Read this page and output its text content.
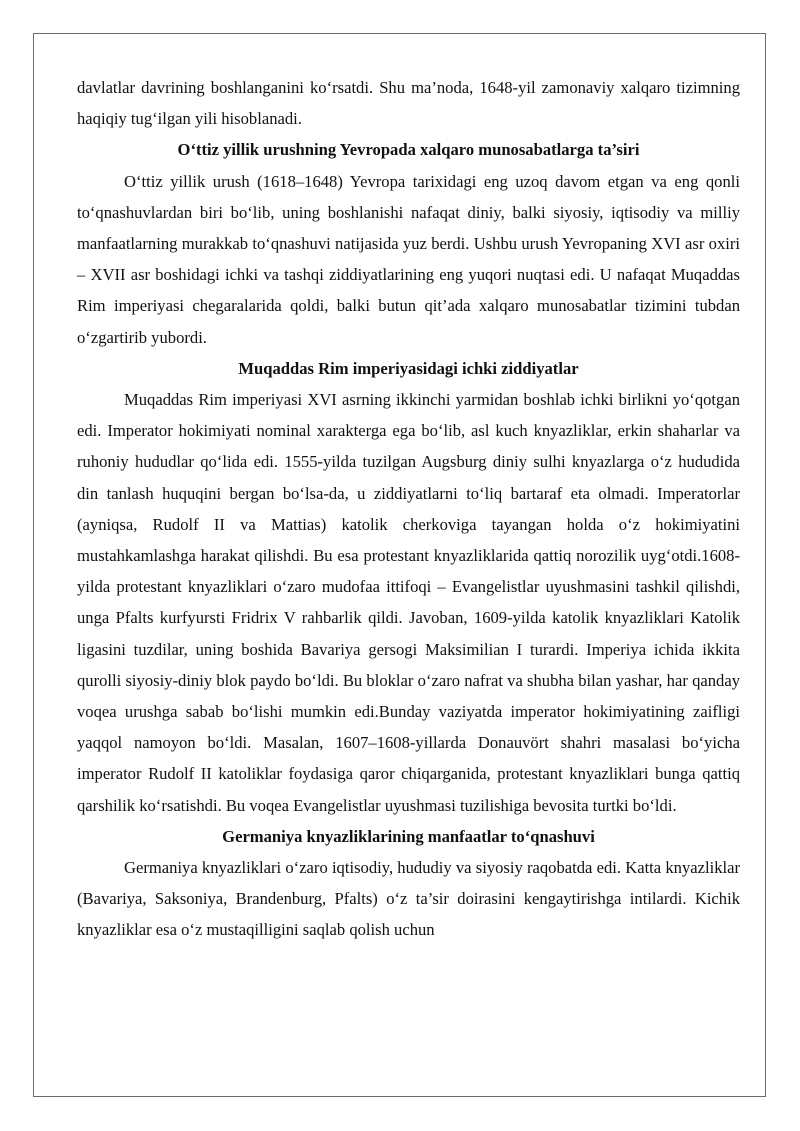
davlatlar davrining boshlanganini ko‘rsatdi. Shu ma’noda, 1648-yil zamonaviy xalqaro tizimning haqiqiy tug‘ilgan yili hisoblanadi.

O‘ttiz yillik urushning Yevropada xalqaro munosabatlarga ta’siri

O‘ttiz yillik urush (1618–1648) Yevropa tarixidagi eng uzoq davom etgan va eng qonli to‘qnashuvlardan biri bo‘lib, uning boshlanishi nafaqat diniy, balki siyosiy, iqtisodiy va milliy manfaatlarning murakkab to‘qnashuvi natijasida yuz berdi. Ushbu urush Yevropaning XVI asr oxiri – XVII asr boshidagi ichki va tashqi ziddiyatlarining eng yuqori nuqtasi edi. U nafaqat Muqaddas Rim imperiyasi chegaralarida qoldi, balki butun qit’ada xalqaro munosabatlar tizimini tubdan o‘zgartirib yubordi.

Muqaddas Rim imperiyasidagi ichki ziddiyatlar

Muqaddas Rim imperiyasi XVI asrning ikkinchi yarmidan boshlab ichki birlikni yo‘qotgan edi. Imperator hokimiyati nominal xarakterga ega bo‘lib, asl kuch knyazliklar, erkin shaharlar va ruhoniy hududlar qo‘lida edi. 1555-yilda tuzilgan Augsburg diniy sulhi knyazlarga o‘z hududida din tanlash huquqini bergan bo‘lsa-da, u ziddiyatlarni to‘liq bartaraf eta olmadi. Imperatorlar (ayniqsa, Rudolf II va Mattias) katolik cherkoviga tayangan holda o‘z hokimiyatini mustahkamlashga harakat qilishdi. Bu esa protestant knyazliklarida qattiq norozilik uyg‘otdi.1608-yilda protestant knyazliklari o‘zaro mudofaa ittifoqi – Evangelistlar uyushmasini tashkil qilishdi, unga Pfalts kurfyursti Fridrix V rahbarlik qildi. Javoban, 1609-yilda katolik knyazliklari Katolik ligasini tuzdilar, uning boshida Bavariya gersogi Maksimilian I turardi. Imperiya ichida ikkita qurolli siyosiy-diniy blok paydo bo‘ldi. Bu bloklar o‘zaro nafrat va shubha bilan yashar, har qanday voqea urushga sabab bo‘lishi mumkin edi.Bunday vaziyatda imperator hokimiyatining zaifligi yaqqol namoyon bo‘ldi. Masalan, 1607–1608-yillarda Donauvört shahri masalasi bo‘yicha imperator Rudolf II katoliklar foydasiga qaror chiqarganida, protestant knyazliklari bunga qattiq qarshilik ko‘rsatishdi. Bu voqea Evangelistlar uyushmasi tuzilishiga bevosita turtki bo‘ldi.

Germaniya knyazliklarining manfaatlar to‘qnashuvi

Germaniya knyazliklari o‘zaro iqtisodiy, hududiy va siyosiy raqobatda edi. Katta knyazliklar (Bavariya, Saksoniya, Brandenburg, Pfalts) o‘z ta’sir doirasini kengaytirishga intilardi. Kichik knyazliklar esa o‘z mustaqilligini saqlab qolish uchun
